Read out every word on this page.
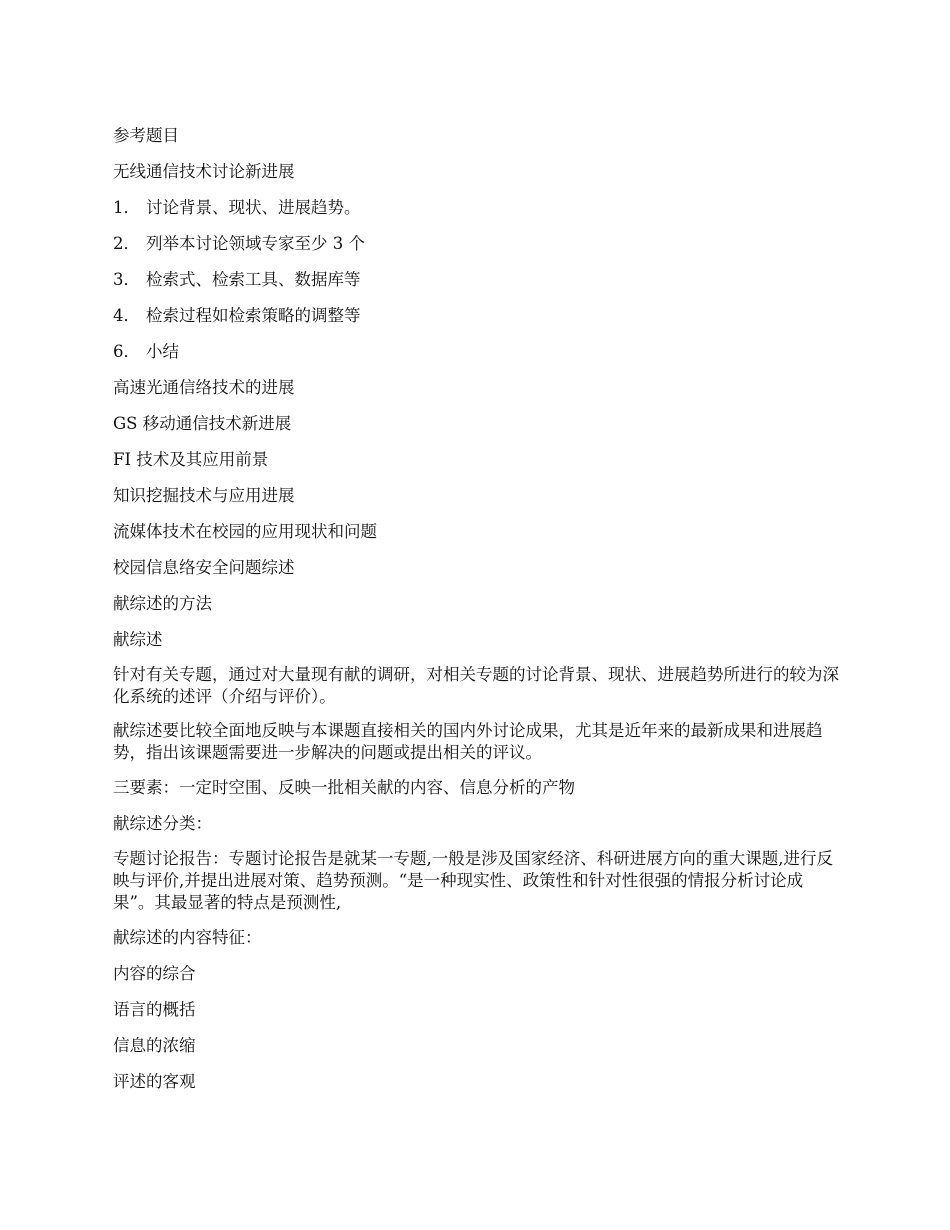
参考题目
无线通信技术讨论新进展
1． 讨论背景、现状、进展趋势。
2． 列举本讨论领域专家至少 3 个
3． 检索式、检索工具、数据库等
4． 检索过程如检索策略的调整等
6． 小结
高速光通信络技术的进展
GS 移动通信技术新进展
FI 技术及其应用前景
知识挖掘技术与应用进展
流媒体技术在校园的应用现状和问题
校园信息络安全问题综述
献综述的方法
献综述
针对有关专题，通过对大量现有献的调研，对相关专题的讨论背景、现状、进展趋势所进行的较为深化系统的述评（介绍与评价）。
献综述要比较全面地反映与本课题直接相关的国内外讨论成果，尤其是近年来的最新成果和进展趋势，指出该课题需要进一步解决的问题或提出相关的评议。
三要素：一定时空围、反映一批相关献的内容、信息分析的产物
献综述分类：
专题讨论报告：专题讨论报告是就某一专题,一般是涉及国家经济、科研进展方向的重大课题,进行反映与评价,并提出进展对策、趋势预测。“是一种现实性、政策性和针对性很强的情报分析讨论成果”。其最显著的特点是预测性,
献综述的内容特征：
内容的综合
语言的概括
信息的浓缩
评述的客观
